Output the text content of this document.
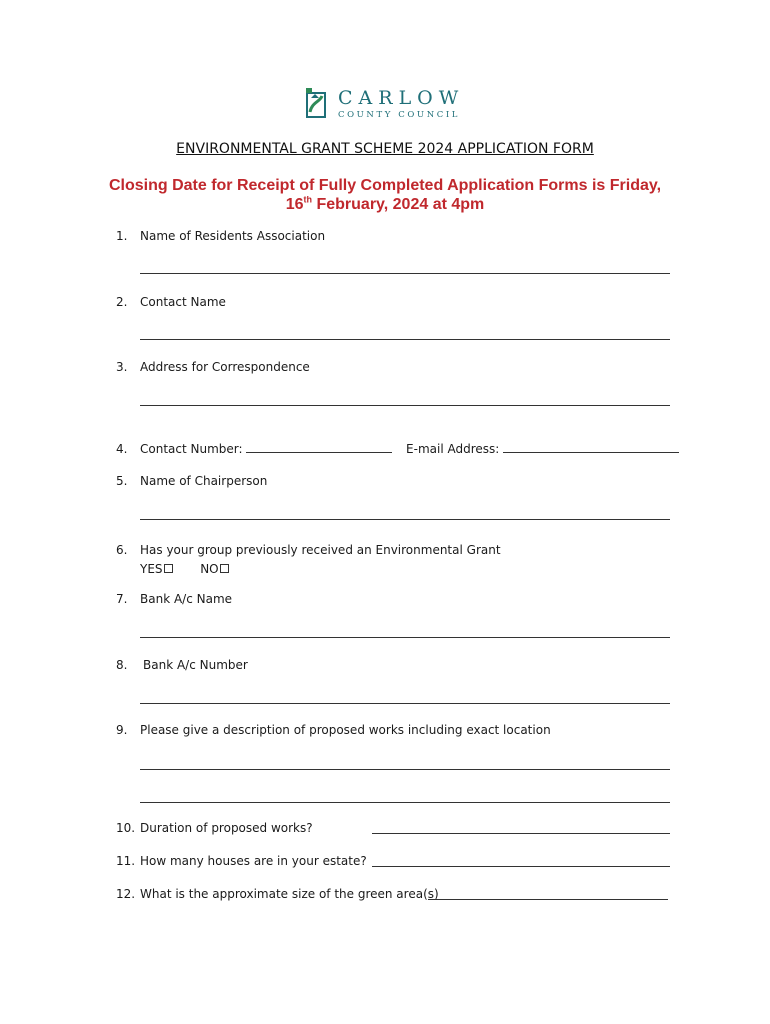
CARLOW
COUNTY COUNCIL
ENVIRONMENTAL GRANT SCHEME 2024 APPLICATION FORM
Closing Date for Receipt of Fully Completed Application Forms is Friday,
16th February, 2024 at 4pm
1. Name of Residents Association
2. Contact Name
3. Address for Correspondence
4. Contact Number:	E-mail Address:
5. Name of Chairperson
6. Has your group previously received an Environmental Grant
YES	NO
7. Bank A/c Name
8. Bank A/c Number
9. Please give a description of proposed works including exact location
10. Duration of proposed works?
11. How many houses are in your estate?
12. What is the approximate size of the green area(s)
